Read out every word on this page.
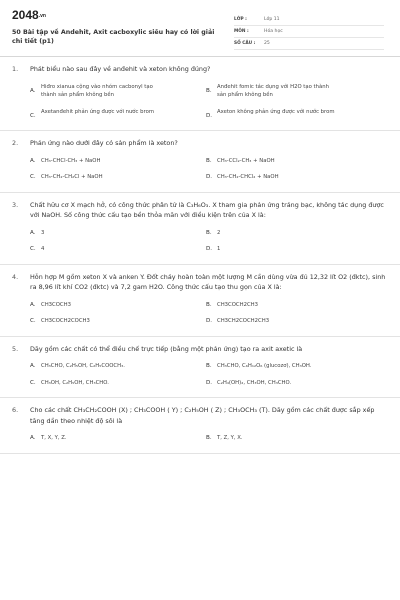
2048.vn
50 Bài tập về Andehit, Axit cacboxylic siêu hay có lời giải chi tiết (p1)
LỚP :	Lớp 11
MÔN :	Hóa học
SỐ CÂU :	25
1.	Phát biểu nào sau đây về anđehit và xeton không đúng?
A.
Hiđro xianua cộng vào nhóm cacbonyl tạo thành sản phẩm không bền
B.
Anđehit fomic tác dụng với H2O tạo thành sản phẩm không bền
C.
Axetanđehit phản ứng được với nước brom
D.
Axeton không phản ứng được với nước brom
2.	Phản ứng nào dưới đây có sản phẩm là xeton?
A.	CH₃-CHCl-CH₃ + NaOH	B.	CH₃-CCl₂-CH₃ + NaOH
C.	CH₃-CH₂-CH₂Cl + NaOH	D. CH₃-CH₂-CHCl₂ + NaOH
3.	Chất hữu cơ X mạch hở, có công thức phân tử là C₃H₆O₃. X tham gia phản ứng tráng bạc, không tác dụng được với NaOH. Số công thức cấu tạo bền thỏa mãn với điều kiện trên của X là:
A.	3	B.	2
C.	4	D. 1
4.	Hỗn hợp M gồm xeton X và anken Y. Đốt cháy hoàn toàn một lượng M cần dùng vừa đủ 12,32 lít O2 (đktc), sinh ra 8,96 lít khí CO2 (đktc) và 7,2 gam H2O. Công thức cấu tạo thu gọn của X là:
A.	CH3COCH3	B.	CH3COCH2CH3
C.	CH3COCH2COCH3	D. CH3CH2COCH2CH3
5.	Dãy gồm các chất có thể điều chế trực tiếp (bằng một phản ứng) tạo ra axit axetic là
A.	CH₃CHO, C₂H₅OH, C₂H₅COOCH₃.	B.	CH₃CHO, C₆H₁₂O₆ (glucozơ), CH₃OH.
C.	CH₃OH, C₂H₅OH, CH₃CHO.	D. C₂H₄(OH)₂, CH₃OH, CH₃CHO.
6.	Cho các chất CH₃CH₂COOH (X) ; CH₃COOH ( Y) ; C₂H₅OH ( Z) ; CH₃OCH₃ (T). Dãy gồm các chất được sắp xếp tăng dần theo nhiệt độ sôi là
A.	T, X, Y, Z.	B.	T, Z, Y, X.
